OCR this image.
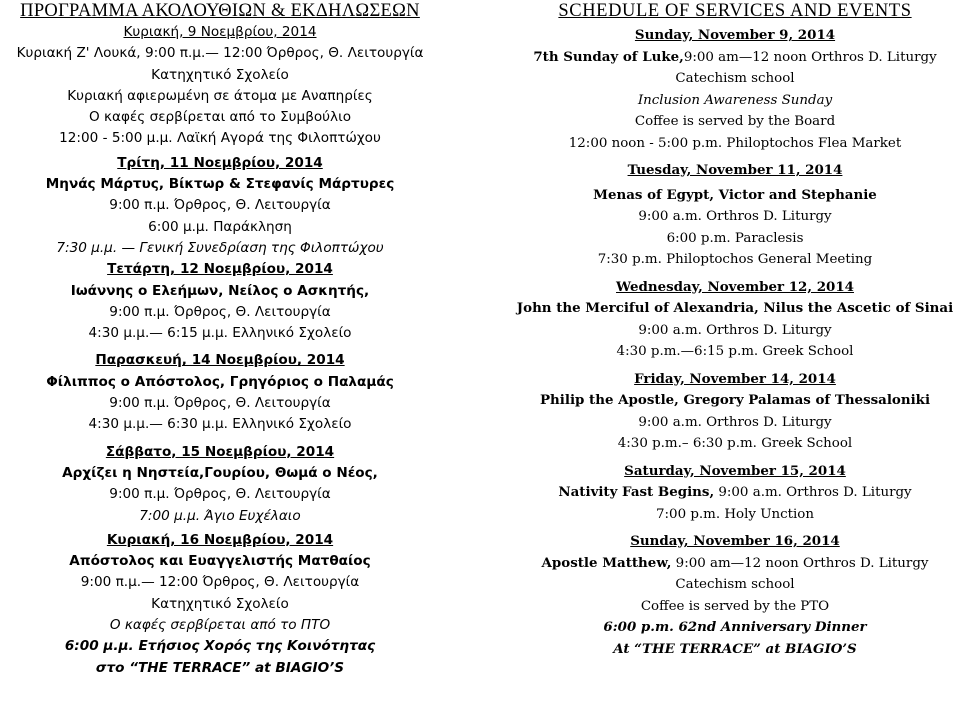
ΠΡΟΓΡΑΜΜΑ ΑΚΟΛΟΥΘΙΩΝ & ΕΚΔΗΛΩΣΕΩΝ
Κυριακή, 9 Νοεμβρίου, 2014
Κυριακή Ζ' Λουκά, 9:00 π.μ.— 12:00 Όρθρος, Θ. Λειτουργία
Κατηχητικό Σχολείο
Κυριακή αφιερωμένη σε άτομα με Αναπηρίες
Ο καφές σερβίρεται από το Συμβούλιο
12:00 - 5:00 μ.μ. Λαϊκή Αγορά της Φιλοπτώχου
Τρίτη, 11 Νοεμβρίου, 2014
Μηνάς Μάρτυς, Βίκτωρ & Στεφανίς Μάρτυρες
9:00 π.μ. Όρθρος, Θ. Λειτουργία
6:00 μ.μ. Παράκληση
7:30 μ.μ. — Γενική Συνεδρίαση της Φιλοπτώχου
Τετάρτη, 12 Νοεμβρίου, 2014
Ιωάννης ο Ελεήμων, Νείλος ο Ασκητής,
9:00 π.μ. Όρθρος, Θ. Λειτουργία
4:30 μ.μ.— 6:15 μ.μ. Ελληνικό Σχολείο
Παρασκευή, 14 Νοεμβρίου, 2014
Φίλιππος ο Απόστολος, Γρηγόριος ο Παλαμάς
9:00 π.μ. Όρθρος, Θ. Λειτουργία
4:30 μ.μ.— 6:30 μ.μ. Ελληνικό Σχολείο
Σάββατο, 15 Νοεμβρίου, 2014
Αρχίζει η Νηστεία,Γουρίου, Θωμά ο Νέος,
9:00 π.μ. Όρθρος, Θ. Λειτουργία
7:00 μ.μ. Άγιο Ευχέλαιο
Κυριακή, 16 Νοεμβρίου, 2014
Απόστολος και Ευαγγελιστής Ματθαίος
9:00 π.μ.— 12:00 Όρθρος, Θ. Λειτουργία
Κατηχητικό Σχολείο
Ο καφές σερβίρεται από το ΠΤΟ
6:00 μ.μ. Ετήσιος Χορός της Κοινότητας
στο “THE TERRACE” at BIAGIO’S
SCHEDULE OF SERVICES AND EVENTS
Sunday, November 9, 2014
7th Sunday of Luke,9:00 am—12 noon Orthros D. Liturgy
Catechism school
Inclusion Awareness Sunday
Coffee is served by the Board
12:00 noon - 5:00 p.m. Philoptochos Flea Market
Tuesday, November 11, 2014
Menas of Egypt, Victor and Stephanie
9:00 a.m. Orthros D. Liturgy
6:00 p.m. Paraclesis
7:30 p.m. Philoptochos General Meeting
Wednesday, November 12, 2014
John the Merciful of Alexandria, Nilus the Ascetic of Sinai
9:00 a.m. Orthros D. Liturgy
4:30 p.m.—6:15 p.m. Greek School
Friday, November 14, 2014
Philip the Apostle, Gregory Palamas of Thessaloniki
9:00 a.m. Orthros D. Liturgy
4:30 p.m.– 6:30 p.m. Greek School
Saturday, November 15, 2014
Nativity Fast Begins, 9:00 a.m. Orthros D. Liturgy
7:00 p.m. Holy Unction
Sunday, November 16, 2014
Apostle Matthew, 9:00 am—12 noon Orthros D. Liturgy
Catechism school
Coffee is served by the PTO
6:00 p.m. 62nd Anniversary Dinner
At “THE TERRACE” at BIAGIO’S
